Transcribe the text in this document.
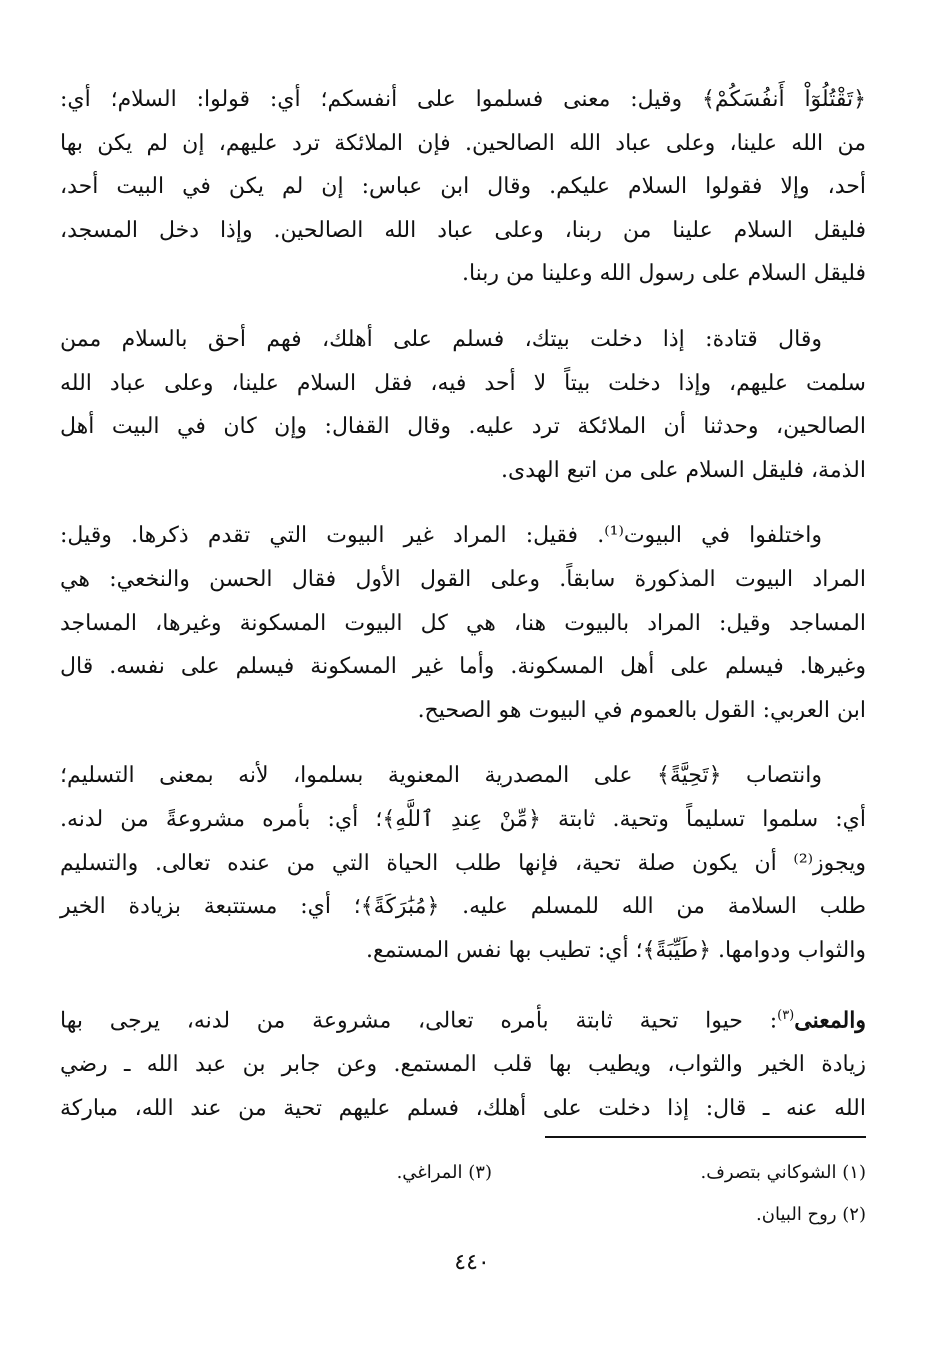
﴿تَقْتُلُوٓاْ أَنفُسَكُمْ﴾ وقيل: معنى فسلموا على أنفسكم؛ أي: قولوا: السلام؛ أي:
من الله علينا، وعلى عباد الله الصالحين. فإن الملائكة ترد عليهم، إن لم يكن بها
أحد، وإلا فقولوا السلام عليكم. وقال ابن عباس: إن لم يكن في البيت أحد،
فليقل السلام علينا من ربنا، وعلى عباد الله الصالحين. وإذا دخل المسجد،
فليقل السلام على رسول الله وعلينا من ربنا.

وقال قتادة: إذا دخلت بيتك، فسلم على أهلك، فهم أحق بالسلام ممن
سلمت عليهم، وإذا دخلت بيتاً لا أحد فيه، فقل السلام علينا، وعلى عباد الله
الصالحين، وحدثنا أن الملائكة ترد عليه. وقال القفال: وإن كان في البيت أهل
الذمة، فليقل السلام على من اتبع الهدى.

واختلفوا في البيوت⁽¹⁾. فقيل: المراد غير البيوت التي تقدم ذكرها. وقيل:
المراد البيوت المذكورة سابقاً. وعلى القول الأول فقال الحسن والنخعي: هي
المساجد وقيل: المراد بالبيوت هنا، هي كل البيوت المسكونة وغيرها، المساجد
وغيرها. فيسلم على أهل المسكونة. وأما غير المسكونة فيسلم على نفسه. قال
ابن العربي: القول بالعموم في البيوت هو الصحيح.

وانتصاب ﴿تَحِيَّةً﴾ على المصدرية المعنوية بسلموا، لأنه بمعنى التسليم؛
أي: سلموا تسليماً وتحية. ثابتة ﴿مِّنْ عِندِ ٱللَّهِ﴾؛ أي: بأمره مشروعةً من لدنه.
ويجوز⁽²⁾ أن يكون صلة تحية، فإنها طلب الحياة التي من عنده تعالى. والتسليم
طلب السلامة من الله للمسلم عليه. ﴿مُبَٰرَكَةً﴾؛ أي: مستتبعة بزيادة الخير
والثواب ودوامها. ﴿طَيِّبَةً﴾؛ أي: تطيب بها نفس المستمع.

والمعنى$^{(٣)}$: حيوا تحية ثابتة بأمره تعالى، مشروعة من لدنه، يرجى بها
زيادة الخير والثواب، ويطيب بها قلب المستمع. وعن جابر بن عبد الله ـ رضي
الله عنه ـ قال: إذا دخلت على أهلك، فسلم عليهم تحية من عند الله، مباركة

(١) الشوكاني بتصرف.
(٣) المراغي.
(٢) روح البيان.
٤٤٠
